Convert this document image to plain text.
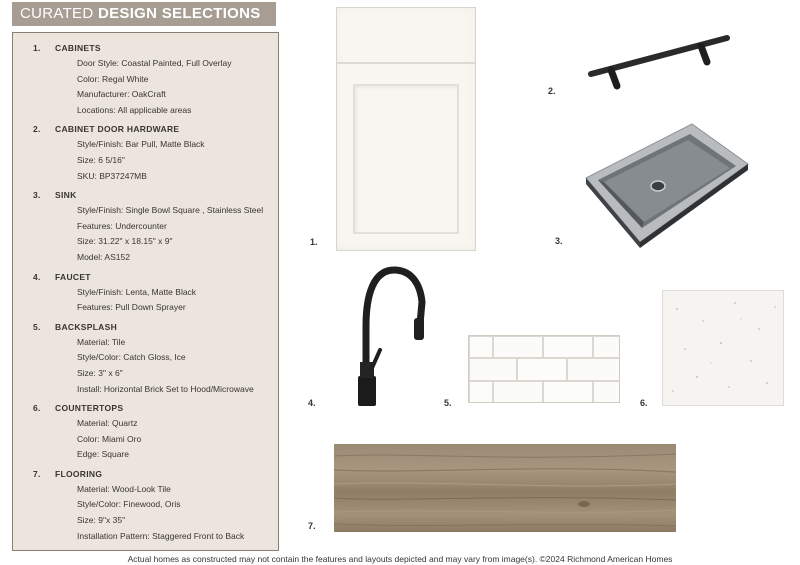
CURATED DESIGN SELECTIONS
1. CABINETS
Door Style: Coastal Painted, Full Overlay
Color: Regal White
Manufacturer: OakCraft
Locations: All applicable areas
2. CABINET DOOR HARDWARE
Style/Finish: Bar Pull, Matte Black
Size: 6 5/16"
SKU: BP37247MB
3. SINK
Style/Finish: Single Bowl Square , Stainless Steel
Features: Undercounter
Size: 31.22" x 18.15" x 9"
Model: AS152
4. FAUCET
Style/Finish: Lenta, Matte Black
Features: Pull Down Sprayer
5. BACKSPLASH
Material: Tile
Style/Color: Catch Gloss, Ice
Size: 3" x 6"
Install: Horizontal Brick Set to Hood/Microwave
6. COUNTERTOPS
Material: Quartz
Color: Miami Oro
Edge: Square
7. FLOORING
Material: Wood-Look Tile
Style/Color: Finewood, Oris
Size: 9"x 35"
Installation Pattern: Staggered Front to Back
1.
2.
3.
4.	5.	6.
7.
Actual homes as constructed may not contain the features and layouts depicted and may vary from image(s). ©2024 Richmond American Homes
